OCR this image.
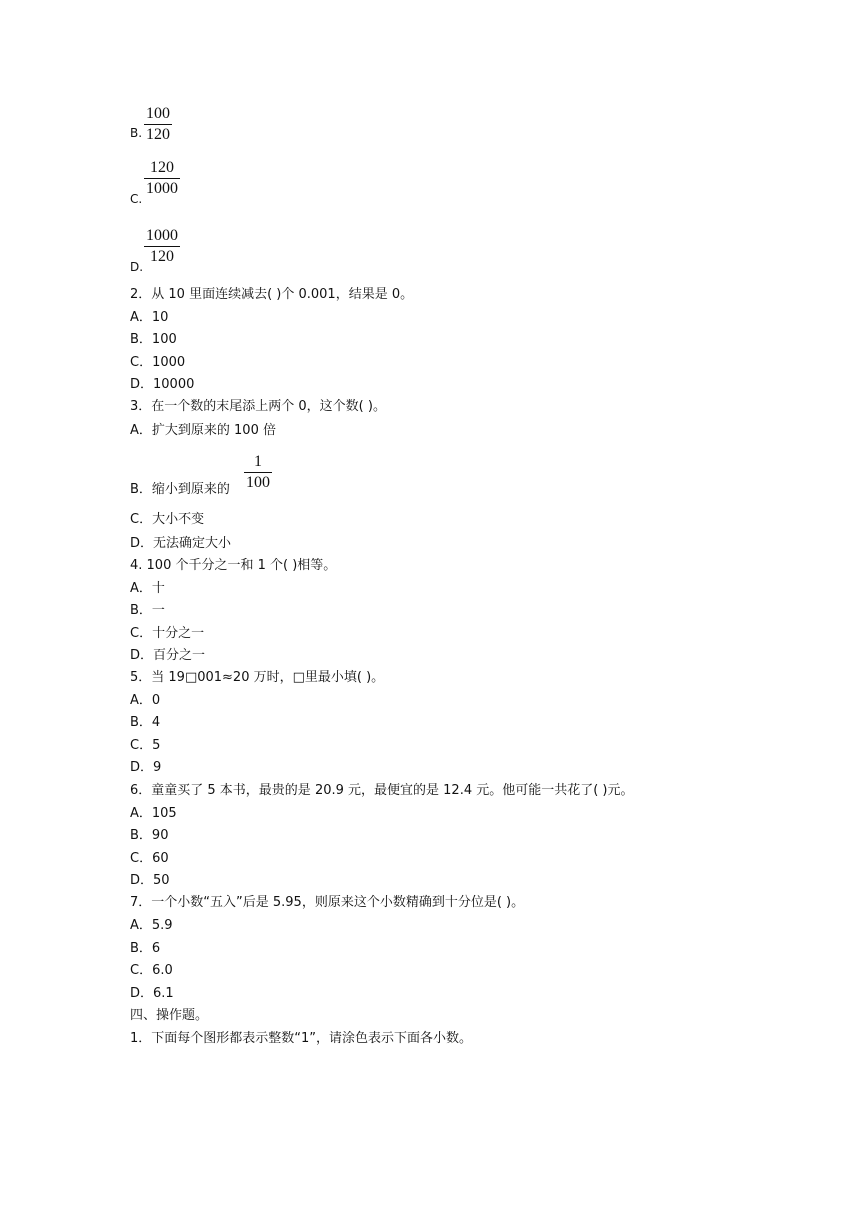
B.
100
120
C.
120
1000
D.
1000
120
2．从 10 里面连续减去( )个 0.001，结果是 0。
A．10
B．100
C．1000
D．10000
3．在一个数的末尾添上两个 0，这个数( )。
A．扩大到原来的 100 倍
B．缩小到原来的
1
100
C．大小不变
D．无法确定大小
4. 100 个千分之一和 1 个( )相等。
A．十
B．一
C．十分之一
D．百分之一
5．当 19□001≈20 万时，□里最小填( )。
A．0
B．4
C．5
D．9
6．童童买了 5 本书，最贵的是 20.9 元，最便宜的是 12.4 元。他可能一共花了( )元。
A．105
B．90
C．60
D．50
7．一个小数“五入”后是 5.95，则原来这个小数精确到十分位是( )。
A．5.9
B．6
C．6.0
D．6.1
四、操作题。
1．下面每个图形都表示整数“1”，请涂色表示下面各小数。
